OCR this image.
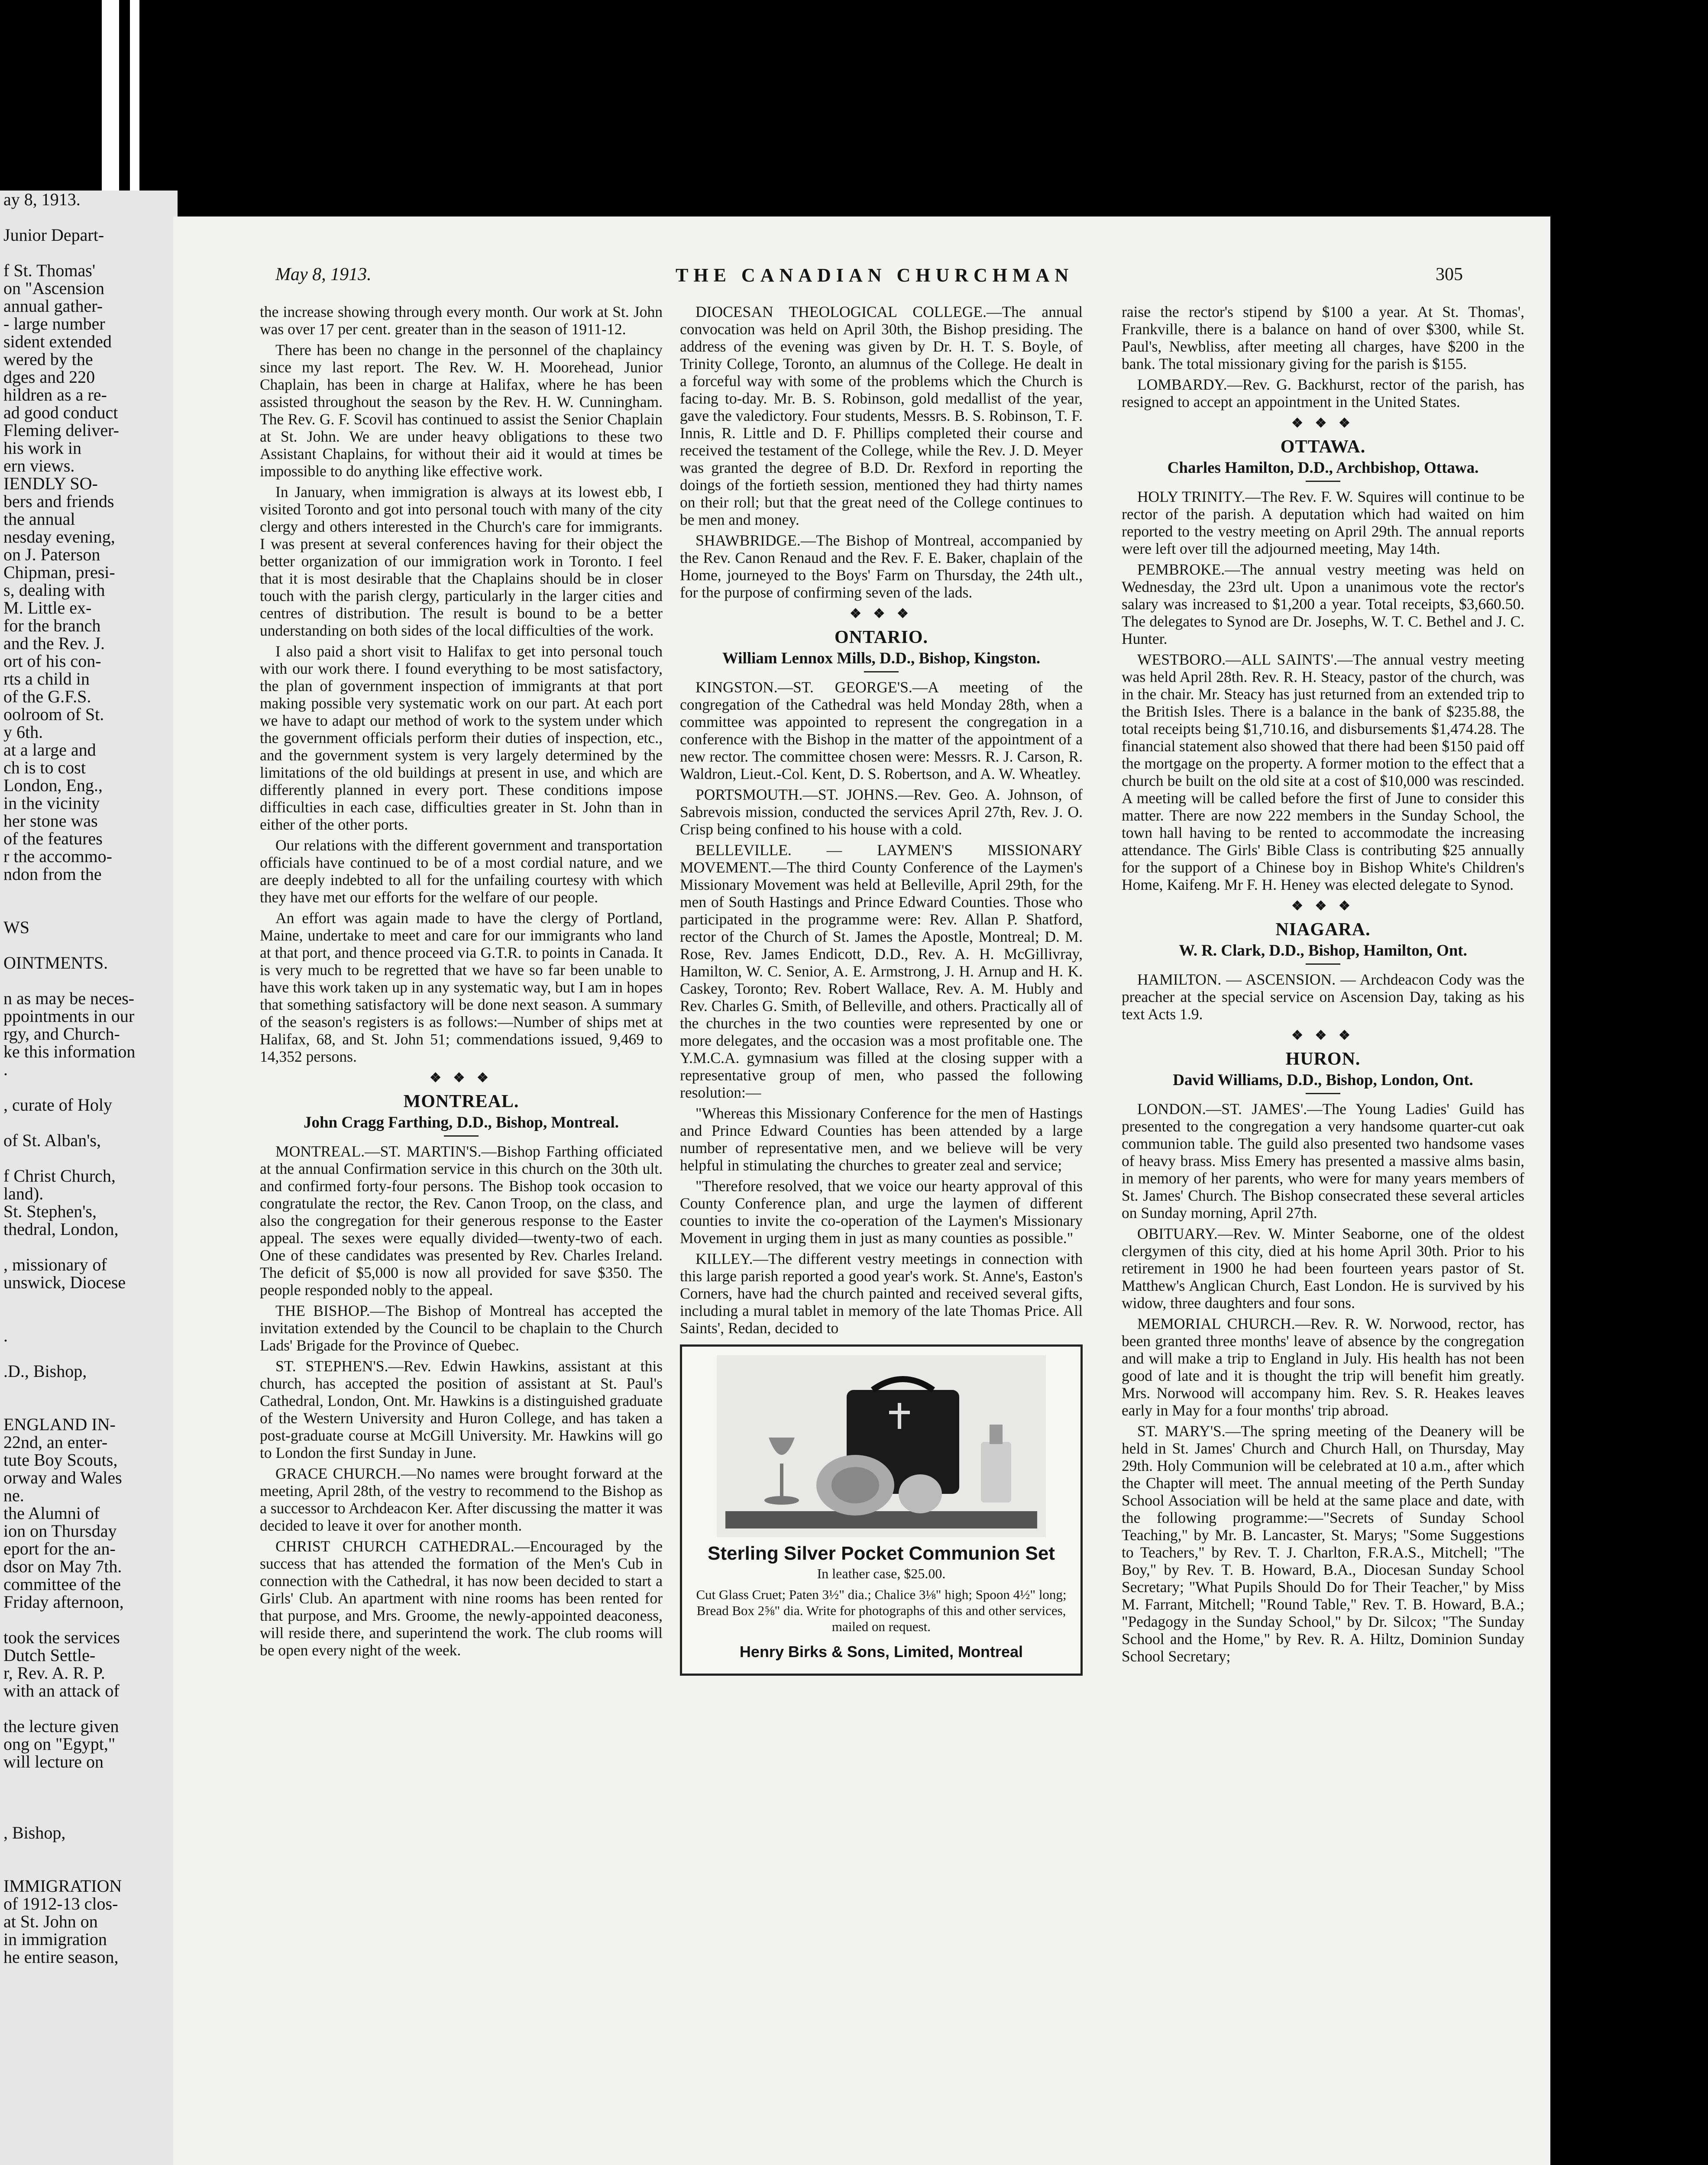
ay 8, 1913.

Junior Depart-

f St. Thomas'
on "Ascension
annual gather-
- large number
sident extended
wered by the
dges and 220
hildren as a re-
ad good conduct
Fleming deliver-
his work in
ern views.
IENDLY SO-
bers and friends
the annual
nesday evening,
on J. Paterson
Chipman, presi-
s, dealing with
M. Little ex-
for the branch
and the Rev. J.
ort of his con-
rts a child in
of the G.F.S.
oolroom of St.
y 6th.
at a large and
ch is to cost
London, Eng.,
in the vicinity
her stone was
of the features
r the accommo-
ndon from the

WS

OINTMENTS.

n as may be neces-
ppointments in our
rgy, and Church-
ke this information
.

, curate of Holy

of St. Alban's,

f Christ Church,
land).
St. Stephen's,
thedral, London,

, missionary of
unswick, Diocese

.

.D., Bishop,

ENGLAND IN-
22nd, an enter-
tute Boy Scouts,
orway and Wales
ne.
the Alumni of
ion on Thursday
eport for the an-
dsor on May 7th.
committee of the
Friday afternoon,

took the services
Dutch Settle-
r, Rev. A. R. P.
with an attack of

the lecture given
ong on "Egypt,"
will lecture on

, Bishop,

IMMIGRATION
of 1912-13 clos-
at St. John on
in immigration
he entire season,
May 8, 1913.	THE CANADIAN CHURCHMAN	305

the increase showing through every month. Our work at St. John was over 17 per cent. greater than in the season of 1911-12.

There has been no change in the personnel of the chaplaincy since my last report. The Rev. W. H. Moorehead, Junior Chaplain, has been in charge at Halifax, where he has been assisted throughout the season by the Rev. H. W. Cunningham. The Rev. G. F. Scovil has continued to assist the Senior Chaplain at St. John. We are under heavy obligations to these two Assistant Chaplains, for without their aid it would at times be impossible to do anything like effective work.

In January, when immigration is always at its lowest ebb, I visited Toronto and got into personal touch with many of the city clergy and others interested in the Church's care for immigrants. I was present at several conferences having for their object the better organization of our immigration work in Toronto. I feel that it is most desirable that the Chaplains should be in closer touch with the parish clergy, particularly in the larger cities and centres of distribution. The result is bound to be a better understanding on both sides of the local difficulties of the work.

I also paid a short visit to Halifax to get into personal touch with our work there. I found everything to be most satisfactory, the plan of government inspection of immigrants at that port making possible very systematic work on our part. At each port we have to adapt our method of work to the system under which the government officials perform their duties of inspection, etc., and the government system is very largely determined by the limitations of the old buildings at present in use, and which are differently planned in every port. These conditions impose difficulties in each case, difficulties greater in St. John than in either of the other ports.

Our relations with the different government and transportation officials have continued to be of a most cordial nature, and we are deeply indebted to all for the unfailing courtesy with which they have met our efforts for the welfare of our people.

An effort was again made to have the clergy of Portland, Maine, undertake to meet and care for our immigrants who land at that port, and thence proceed via G.T.R. to points in Canada. It is very much to be regretted that we have so far been unable to have this work taken up in any systematic way, but I am in hopes that something satisfactory will be done next season. A summary of the season's registers is as follows:—Number of ships met at Halifax, 68, and St. John 51; commendations issued, 9,469 to 14,352 persons.

❖ ❖ ❖
MONTREAL.
John Cragg Farthing, D.D., Bishop, Montreal.

MONTREAL.—ST. MARTIN'S.—Bishop Farthing officiated at the annual Confirmation service in this church on the 30th ult. and confirmed forty-four persons. The Bishop took occasion to congratulate the rector, the Rev. Canon Troop, on the class, and also the congregation for their generous response to the Easter appeal. The sexes were equally divided—twenty-two of each. One of these candidates was presented by Rev. Charles Ireland. The deficit of $5,000 is now all provided for save $350. The people responded nobly to the appeal.

THE BISHOP.—The Bishop of Montreal has accepted the invitation extended by the Council to be chaplain to the Church Lads' Brigade for the Province of Quebec.

ST. STEPHEN'S.—Rev. Edwin Hawkins, assistant at this church, has accepted the position of assistant at St. Paul's Cathedral, London, Ont. Mr. Hawkins is a distinguished graduate of the Western University and Huron College, and has taken a post-graduate course at McGill University. Mr. Hawkins will go to London the first Sunday in June.

GRACE CHURCH.—No names were brought forward at the meeting, April 28th, of the vestry to recommend to the Bishop as a successor to Archdeacon Ker. After discussing the matter it was decided to leave it over for another month.

CHRIST CHURCH CATHEDRAL.—Encouraged by the success that has attended the formation of the Men's Cub in connection with the Cathedral, it has now been decided to start a Girls' Club. An apartment with nine rooms has been rented for that purpose, and Mrs. Groome, the newly-appointed deaconess, will reside there, and superintend the work. The club rooms will be open every night of the week.

DIOCESAN THEOLOGICAL COLLEGE.—The annual convocation was held on April 30th, the Bishop presiding. The address of the evening was given by Dr. H. T. S. Boyle, of Trinity College, Toronto, an alumnus of the College. He dealt in a forceful way with some of the problems which the Church is facing to-day. Mr. B. S. Robinson, gold medallist of the year, gave the valedictory. Four students, Messrs. B. S. Robinson, T. F. Innis, R. Little and D. F. Phillips completed their course and received the testament of the College, while the Rev. J. D. Meyer was granted the degree of B.D. Dr. Rexford in reporting the doings of the fortieth session, mentioned they had thirty names on their roll; but that the great need of the College continues to be men and money.

SHAWBRIDGE.—The Bishop of Montreal, accompanied by the Rev. Canon Renaud and the Rev. F. E. Baker, chaplain of the Home, journeyed to the Boys' Farm on Thursday, the 24th ult., for the purpose of confirming seven of the lads.

❖ ❖ ❖
ONTARIO.
William Lennox Mills, D.D., Bishop, Kingston.

KINGSTON.—ST. GEORGE'S.—A meeting of the congregation of the Cathedral was held Monday 28th, when a committee was appointed to represent the congregation in a conference with the Bishop in the matter of the appointment of a new rector. The committee chosen were: Messrs. R. J. Carson, R. Waldron, Lieut.-Col. Kent, D. S. Robertson, and A. W. Wheatley.

PORTSMOUTH.—ST. JOHNS.—Rev. Geo. A. Johnson, of Sabrevois mission, conducted the services April 27th, Rev. J. O. Crisp being confined to his house with a cold.

BELLEVILLE. — LAYMEN'S MISSIONARY MOVEMENT.—The third County Conference of the Laymen's Missionary Movement was held at Belleville, April 29th, for the men of South Hastings and Prince Edward Counties. Those who participated in the programme were: Rev. Allan P. Shatford, rector of the Church of St. James the Apostle, Montreal; D. M. Rose, Rev. James Endicott, D.D., Rev. A. H. McGillivray, Hamilton, W. C. Senior, A. E. Armstrong, J. H. Arnup and H. K. Caskey, Toronto; Rev. Robert Wallace, Rev. A. M. Hubly and Rev. Charles G. Smith, of Belleville, and others. Practically all of the churches in the two counties were represented by one or more delegates, and the occasion was a most profitable one. The Y.M.C.A. gymnasium was filled at the closing supper with a representative group of men, who passed the following resolution:—

"Whereas this Missionary Conference for the men of Hastings and Prince Edward Counties has been attended by a large number of representative men, and we believe will be very helpful in stimulating the churches to greater zeal and service;

"Therefore resolved, that we voice our hearty approval of this County Conference plan, and urge the laymen of different counties to invite the co-operation of the Laymen's Missionary Movement in urging them in just as many counties as possible."

KILLEY.—The different vestry meetings in connection with this large parish reported a good year's work. St. Anne's, Easton's Corners, have had the church painted and received several gifts, including a mural tablet in memory of the late Thomas Price. All Saints', Redan, decided to

Sterling Silver Pocket Communion Set
In leather case, $25.00.
Cut Glass Cruet; Paten 3½" dia.; Chalice 3⅛" high; Spoon 4½" long; Bread Box 2⅝" dia. Write for photographs of this and other services, mailed on request.
Henry Birks & Sons, Limited, Montreal

raise the rector's stipend by $100 a year. At St. Thomas', Frankville, there is a balance on hand of over $300, while St. Paul's, Newbliss, after meeting all charges, have $200 in the bank. The total missionary giving for the parish is $155.

LOMBARDY.—Rev. G. Backhurst, rector of the parish, has resigned to accept an appointment in the United States.

❖ ❖ ❖
OTTAWA.
Charles Hamilton, D.D., Archbishop, Ottawa.

HOLY TRINITY.—The Rev. F. W. Squires will continue to be rector of the parish. A deputation which had waited on him reported to the vestry meeting on April 29th. The annual reports were left over till the adjourned meeting, May 14th.

PEMBROKE.—The annual vestry meeting was held on Wednesday, the 23rd ult. Upon a unanimous vote the rector's salary was increased to $1,200 a year. Total receipts, $3,660.50. The delegates to Synod are Dr. Josephs, W. T. C. Bethel and J. C. Hunter.

WESTBORO.—ALL SAINTS'.—The annual vestry meeting was held April 28th. Rev. R. H. Steacy, pastor of the church, was in the chair. Mr. Steacy has just returned from an extended trip to the British Isles. There is a balance in the bank of $235.88, the total receipts being $1,710.16, and disbursements $1,474.28. The financial statement also showed that there had been $150 paid off the mortgage on the property. A former motion to the effect that a church be built on the old site at a cost of $10,000 was rescinded. A meeting will be called before the first of June to consider this matter. There are now 222 members in the Sunday School, the town hall having to be rented to accommodate the increasing attendance. The Girls' Bible Class is contributing $25 annually for the support of a Chinese boy in Bishop White's Children's Home, Kaifeng. Mr F. H. Heney was elected delegate to Synod.

❖ ❖ ❖
NIAGARA.
W. R. Clark, D.D., Bishop, Hamilton, Ont.

HAMILTON. — ASCENSION. — Archdeacon Cody was the preacher at the special service on Ascension Day, taking as his text Acts 1.9.

❖ ❖ ❖
HURON.
David Williams, D.D., Bishop, London, Ont.

LONDON.—ST. JAMES'.—The Young Ladies' Guild has presented to the congregation a very handsome quarter-cut oak communion table. The guild also presented two handsome vases of heavy brass. Miss Emery has presented a massive alms basin, in memory of her parents, who were for many years members of St. James' Church. The Bishop consecrated these several articles on Sunday morning, April 27th.

OBITUARY.—Rev. W. Minter Seaborne, one of the oldest clergymen of this city, died at his home April 30th. Prior to his retirement in 1900 he had been fourteen years pastor of St. Matthew's Anglican Church, East London. He is survived by his widow, three daughters and four sons.

MEMORIAL CHURCH.—Rev. R. W. Norwood, rector, has been granted three months' leave of absence by the congregation and will make a trip to England in July. His health has not been good of late and it is thought the trip will benefit him greatly. Mrs. Norwood will accompany him. Rev. S. R. Heakes leaves early in May for a four months' trip abroad.

ST. MARY'S.—The spring meeting of the Deanery will be held in St. James' Church and Church Hall, on Thursday, May 29th. Holy Communion will be celebrated at 10 a.m., after which the Chapter will meet. The annual meeting of the Perth Sunday School Association will be held at the same place and date, with the following programme:—"Secrets of Sunday School Teaching," by Mr. B. Lancaster, St. Marys; "Some Suggestions to Teachers," by Rev. T. J. Charlton, F.R.A.S., Mitchell; "The Boy," by Rev. T. B. Howard, B.A., Diocesan Sunday School Secretary; "What Pupils Should Do for Their Teacher," by Miss M. Farrant, Mitchell; "Round Table," Rev. T. B. Howard, B.A.; "Pedagogy in the Sunday School," by Dr. Silcox; "The Sunday School and the Home," by Rev. R. A. Hiltz, Dominion Sunday School Secretary;
